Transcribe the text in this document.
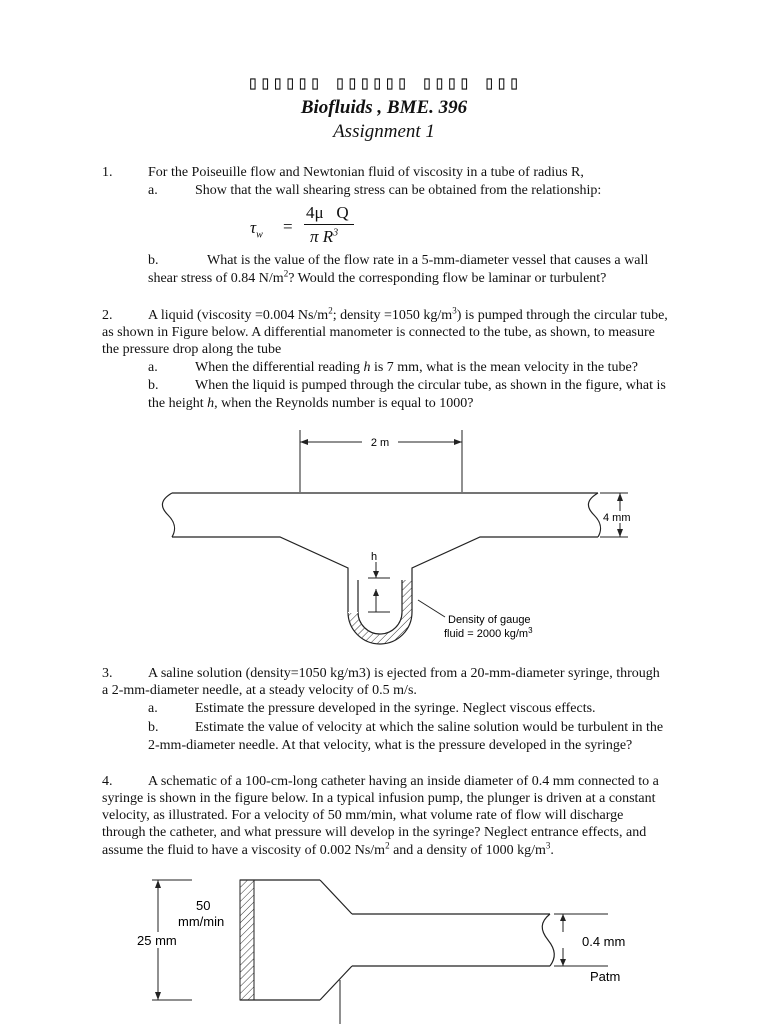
▯▯▯▯▯▯ ▯▯▯▯▯▯ ▯▯▯▯ ▯▯▯
Biofluids , BME. 396
Assignment 1
1.	For the Poiseuille flow and Newtonian fluid of viscosity in a tube of radius R,
a.	Show that the wall shearing stress can be obtained from the relationship:
$\tau_w$ =
4μ   Q
π $R^3$
b.	What is the value of the flow rate in a 5-mm-diameter vessel that causes a wall
shear stress of 0.84 $N/m^2$? Would the corresponding flow be laminar or turbulent?
2.	A liquid (viscosity =0.004 $Ns/m^2$; density =1050 $kg/m^3$) is pumped through the circular tube,
as shown in Figure below. A differential manometer is connected to the tube, as shown, to measure
the pressure drop along the tube
a.	When the differential reading h is 7 mm, what is the mean velocity in the tube?
b.	When the liquid is pumped through the circular tube, as shown in the figure, what is
the height h, when the Reynolds number is equal to 1000?
2 m
4 mm
h
Density of gauge
fluid = 2000 $kg/m^3$
3.	A saline solution (density=1050 kg/m3) is ejected from a 20-mm-diameter syringe, through
a 2-mm-diameter needle, at a steady velocity of 0.5 m/s.
a.	Estimate the pressure developed in the syringe. Neglect viscous effects.
b.	Estimate the value of velocity at which the saline solution would be turbulent in the
2-mm-diameter needle. At that velocity, what is the pressure developed in the syringe?
4.	A schematic of a 100-cm-long catheter having an inside diameter of 0.4 mm connected to a
syringe is shown in the figure below. In a typical infusion pump, the plunger is driven at a constant
velocity, as illustrated. For a velocity of 50 mm/min, what volume rate of flow will discharge
through the catheter, and what pressure will develop in the syringe? Neglect entrance effects, and
assume the fluid to have a viscosity of 0.002 $Ns/m^2$ and a density of 1000 $kg/m^3$.
25 mm
50
mm/min
0.4 mm
Patm
